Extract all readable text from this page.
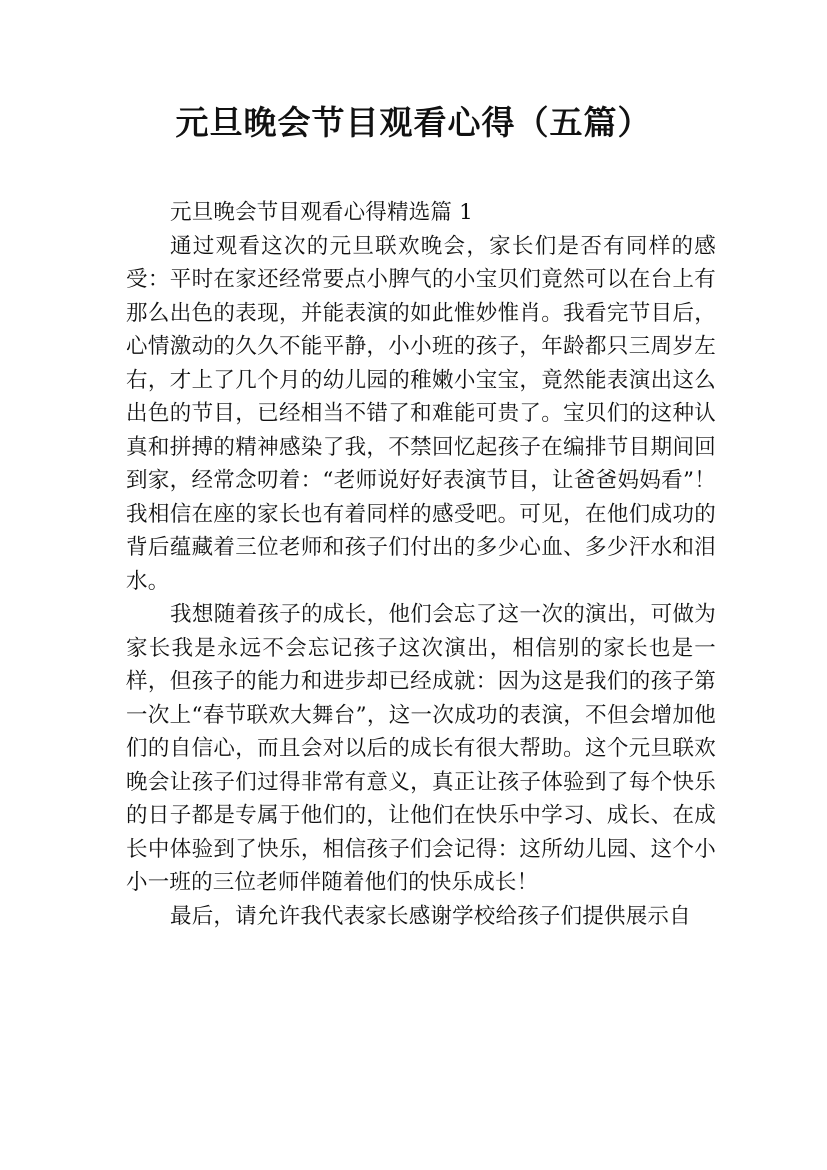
元旦晚会节目观看心得（五篇）

元旦晚会节目观看心得精选篇 1

通过观看这次的元旦联欢晚会，家长们是否有同样的感受：平时在家还经常要点小脾气的小宝贝们竟然可以在台上有那么出色的表现，并能表演的如此惟妙惟肖。我看完节目后，心情激动的久久不能平静，小小班的孩子，年龄都只三周岁左右，才上了几个月的幼儿园的稚嫩小宝宝，竟然能表演出这么出色的节目，已经相当不错了和难能可贵了。宝贝们的这种认真和拼搏的精神感染了我，不禁回忆起孩子在编排节目期间回到家，经常念叨着：“老师说好好表演节目，让爸爸妈妈看”！我相信在座的家长也有着同样的感受吧。可见，在他们成功的背后蕴藏着三位老师和孩子们付出的多少心血、多少汗水和泪水。

我想随着孩子的成长，他们会忘了这一次的演出，可做为家长我是永远不会忘记孩子这次演出，相信别的家长也是一样，但孩子的能力和进步却已经成就：因为这是我们的孩子第一次上“春节联欢大舞台”，这一次成功的表演，不但会增加他们的自信心，而且会对以后的成长有很大帮助。这个元旦联欢晚会让孩子们过得非常有意义，真正让孩子体验到了每个快乐的日子都是专属于他们的，让他们在快乐中学习、成长、在成长中体验到了快乐，相信孩子们会记得：这所幼儿园、这个小小一班的三位老师伴随着他们的快乐成长！

最后，请允许我代表家长感谢学校给孩子们提供展示自
